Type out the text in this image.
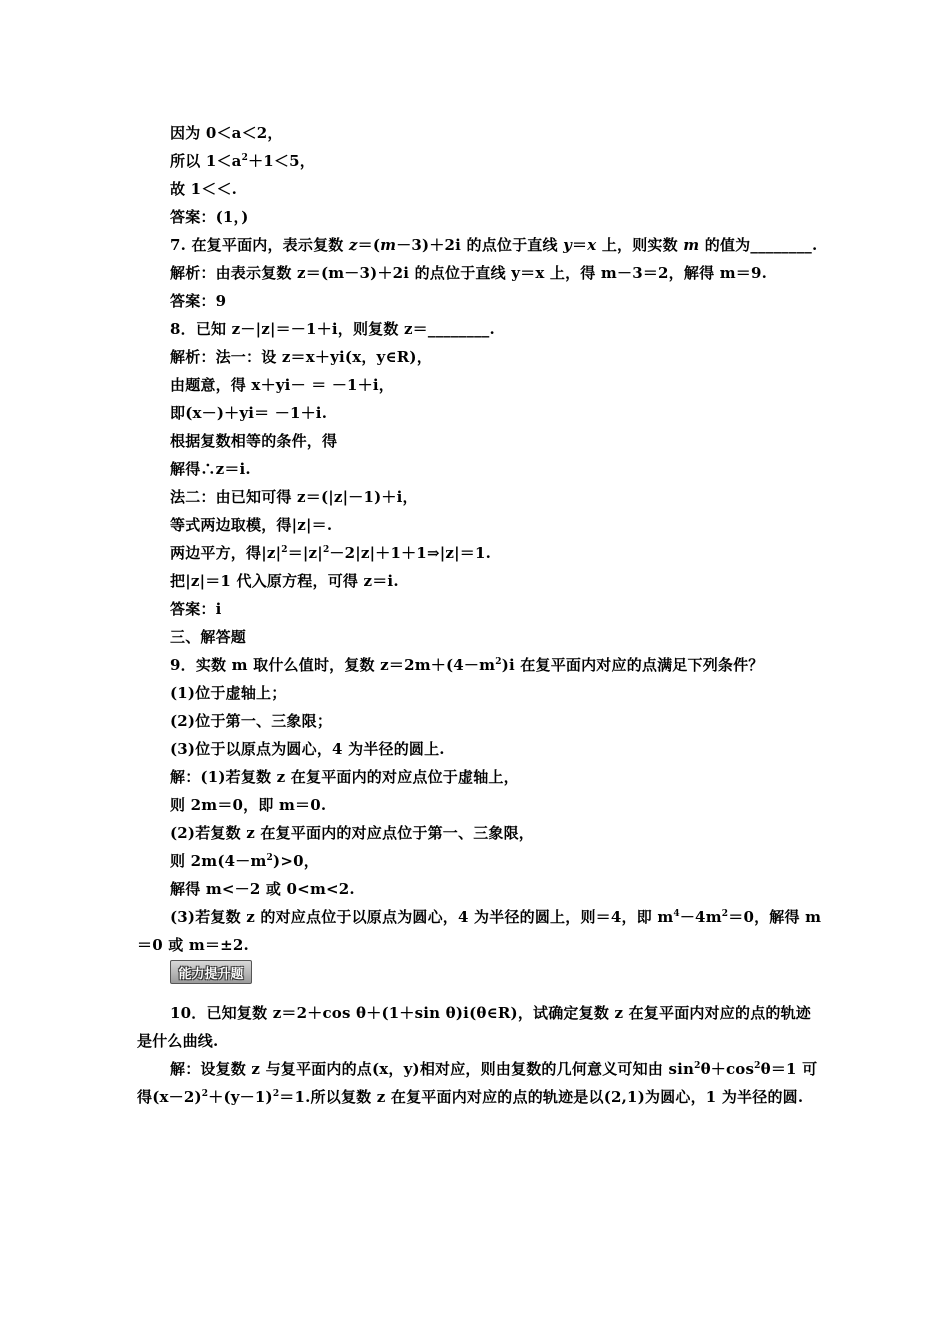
因为 0＜a＜2，
所以 $1<a^2+1<5$，
故 1＜＜.
答案：(1，)
7. 在复平面内，表示复数 z＝(m－3)＋2i 的点位于直线 y＝x 上，则实数 m 的值为________.
解析：由表示复数 z＝(m－3)＋2i 的点位于直线 y＝x 上，得 m－3＝2，解得 m＝9.
答案：9
8．已知 z－|z|＝－1＋i，则复数 z＝________.
解析：法一：设 z＝x＋yi(x，y∈R)，
由题意，得 x＋yi－ ＝ －1＋i，
即(x－)＋yi＝ －1＋i.
根据复数相等的条件，得
解得∴z＝i.
法二：由已知可得 z＝(|z|－1)＋i，
等式两边取模，得|z|＝.
两边平方，得$|z|^2=|z|^2-2|z|+1+1\Rightarrow|z|=1$.
把|z|＝1 代入原方程，可得 z＝i.
答案：i
三、解答题
9．实数 m 取什么值时，复数 $z=2m+(4-m^2)i$ 在复平面内对应的点满足下列条件？
(1)位于虚轴上；
(2)位于第一、三象限；
(3)位于以原点为圆心，4 为半径的圆上.
解：(1)若复数 z 在复平面内的对应点位于虚轴上，
则 2m＝0，即 m＝0.
(2)若复数 z 在复平面内的对应点位于第一、三象限，
则 $2m(4-m^2)>0$，
解得 m<－2 或 0<m<2.
(3)若复数 z 的对应点位于以原点为圆心，4 为半径的圆上，则＝4，即 $m^4-4m^2=0$，解得 m
＝0 或 m＝±2.
能力提升题
10．已知复数 z＝2＋cos θ＋(1＋sin θ)i(θ∈R)，试确定复数 z 在复平面内对应的点的轨迹
是什么曲线.
解：设复数 z 与复平面内的点(x，y)相对应，则由复数的几何意义可知由 $\sin^2\theta+\cos^2\theta=1$ 可
得$(x-2)^2+(y-1)^2=1$.所以复数 z 在复平面内对应的点的轨迹是以(2,1)为圆心，1 为半径的圆.
